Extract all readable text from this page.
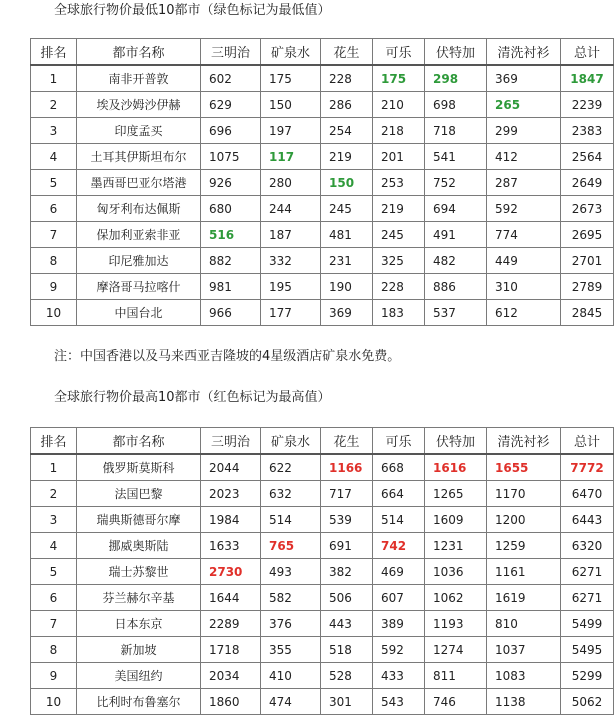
全球旅行物价最低10都市（绿色标记为最低值）
排名	都市名称	三明治	矿泉水	花生	可乐	伏特加	清洗衬衫	总计
1	南非开普敦	602	175	228	175	298	369	1847
2	埃及沙姆沙伊赫	629	150	286	210	698	265	2239
3	印度孟买	696	197	254	218	718	299	2383
4	土耳其伊斯坦布尔	1075	117	219	201	541	412	2564
5	墨西哥巴亚尔塔港	926	280	150	253	752	287	2649
6	匈牙利布达佩斯	680	244	245	219	694	592	2673
7	保加利亚索非亚	516	187	481	245	491	774	2695
8	印尼雅加达	882	332	231	325	482	449	2701
9	摩洛哥马拉喀什	981	195	190	228	886	310	2789
10	中国台北	966	177	369	183	537	612	2845
注：中国香港以及马来西亚吉隆坡的4星级酒店矿泉水免费。
全球旅行物价最高10都市（红色标记为最高值）
排名	都市名称	三明治	矿泉水	花生	可乐	伏特加	清洗衬衫	总计
1	俄罗斯莫斯科	2044	622	1166	668	1616	1655	7772
2	法国巴黎	2023	632	717	664	1265	1170	6470
3	瑞典斯德哥尔摩	1984	514	539	514	1609	1200	6443
4	挪威奥斯陆	1633	765	691	742	1231	1259	6320
5	瑞士苏黎世	2730	493	382	469	1036	1161	6271
6	芬兰赫尔辛基	1644	582	506	607	1062	1619	6271
7	日本东京	2289	376	443	389	1193	810	5499
8	新加坡	1718	355	518	592	1274	1037	5495
9	美国纽约	2034	410	528	433	811	1083	5299
10	比利时布鲁塞尔	1860	474	301	543	746	1138	5062
